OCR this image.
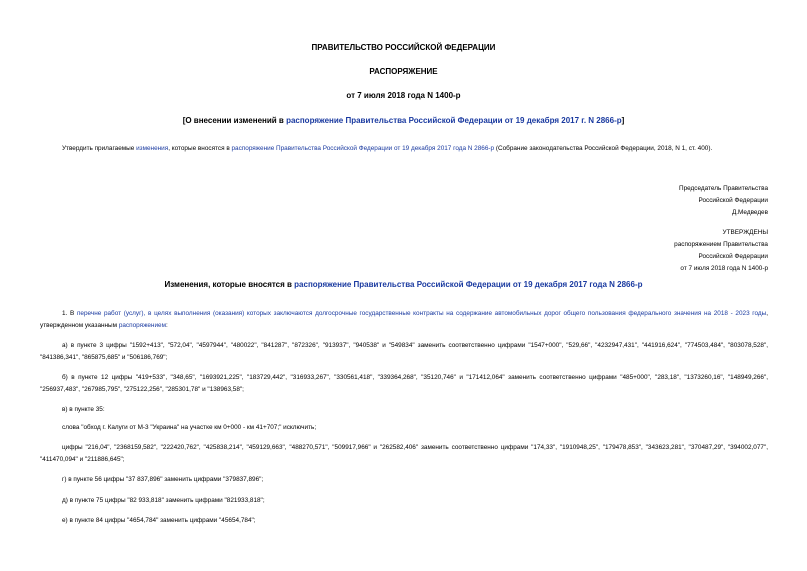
ПРАВИТЕЛЬСТВО РОССИЙСКОЙ ФЕДЕРАЦИИ
РАСПОРЯЖЕНИЕ
от 7 июля 2018 года N 1400-р
[О внесении изменений в распоряжение Правительства Российской Федерации от 19 декабря 2017 г. N 2866-р]
Утвердить прилагаемые изменения, которые вносятся в распоряжение Правительства Российской Федерации от 19 декабря 2017 года N 2866-р (Собрание законодательства Российской Федерации, 2018, N 1, ст. 400).
Председатель Правительства
Российской Федерации
Д.Медведев
УТВЕРЖДЕНЫ
распоряжением Правительства
Российской Федерации
от 7 июля 2018 года N 1400-р
Изменения, которые вносятся в распоряжение Правительства Российской Федерации от 19 декабря 2017 года N 2866-р
1. В перечне работ (услуг), в целях выполнения (оказания) которых заключаются долгосрочные государственные контракты на содержание автомобильных дорог общего пользования федерального значения на 2018 - 2023 годы, утвержденном указанным распоряжением:
а) в пункте 3 цифры "1592+413", "572,04", "4597944", "480022", "841287", "872326", "913937", "940538" и "549834" заменить соответственно цифрами "1547+000", "529,66", "4232947,431", "441916,624", "774503,484", "803078,528", "841386,341", "865875,685" и "506186,769";
б) в пункте 12 цифры "419+533", "348,65", "1693921,225", "183729,442", "316933,267", "330561,418", "339364,268", "35120,746" и "171412,064" заменить соответственно цифрами "485+000", "283,18", "1373260,16", "148949,266", "256937,483", "267985,795", "275122,256", "285301,78" и "138963,58";
в) в пункте 35:
слова "обход г. Калуги от М-3 "Украина" на участке км 0+000 - км 41+707;" исключить;
цифры "216,04", "2368159,582", "222420,762", "425838,214", "459129,663", "488270,571", "509917,966" и "262582,406" заменить соответственно цифрами "174,33", "1910948,25", "179478,853", "343623,281", "370487,29", "394002,077", "411470,094" и "211886,645";
г) в пункте 56 цифры "37 837,896" заменить цифрами "379837,896";
д) в пункте 75 цифры "82 933,818" заменить цифрами "821933,818";
е) в пункте 84 цифры "4654,784" заменить цифрами "45654,784";
